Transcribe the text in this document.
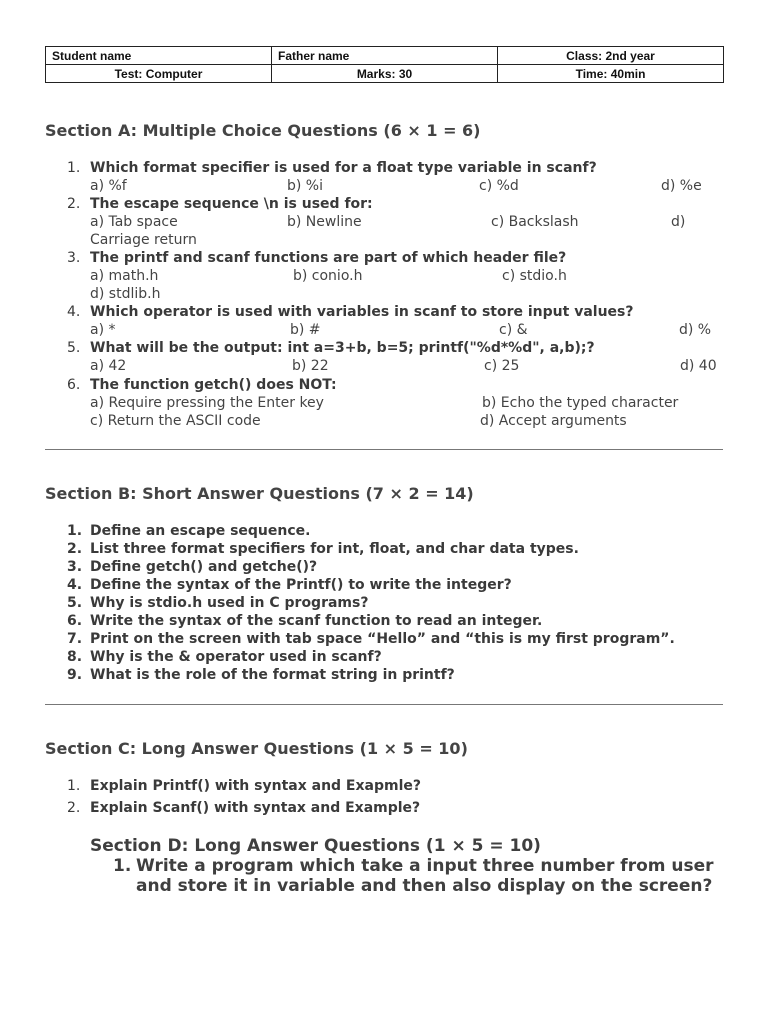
Student name	Father name	Class: 2nd year
Test: Computer	Marks: 30	Time: 40min
Section A: Multiple Choice Questions (6 × 1 = 6)
1. Which format specifier is used for a float type variable in scanf?
a) %f	b) %i	c) %d	d) %e
2. The escape sequence \n is used for:
a) Tab space	b) Newline	c) Backslash	d)
Carriage return
3. The printf and scanf functions are part of which header file?
a) math.h	b) conio.h	c) stdio.h
d) stdlib.h
4. Which operator is used with variables in scanf to store input values?
a) *	b) #	c) &	d) %
5. What will be the output: int a=3+b, b=5; printf("%d*%d", a,b);?
a) 42	b) 22	c) 25	d) 40
6. The function getch() does NOT:
a) Require pressing the Enter key	b) Echo the typed character
c) Return the ASCII code	d) Accept arguments
Section B: Short Answer Questions (7 × 2 = 14)
1. Define an escape sequence.
2. List three format specifiers for int, float, and char data types.
3. Define getch() and getche()?
4. Define the syntax of the Printf() to write the integer?
5. Why is stdio.h used in C programs?
6. Write the syntax of the scanf function to read an integer.
7. Print on the screen with tab space “Hello” and “this is my first program”.
8. Why is the & operator used in scanf?
9. What is the role of the format string in printf?
Section C: Long Answer Questions (1 × 5 = 10)
1. Explain Printf() with syntax and Exapmle?
2. Explain Scanf() with syntax and Example?
Section D: Long Answer Questions (1 × 5 = 10)
1. Write a program which take a input three number from user and store it in variable and then also display on the screen?
